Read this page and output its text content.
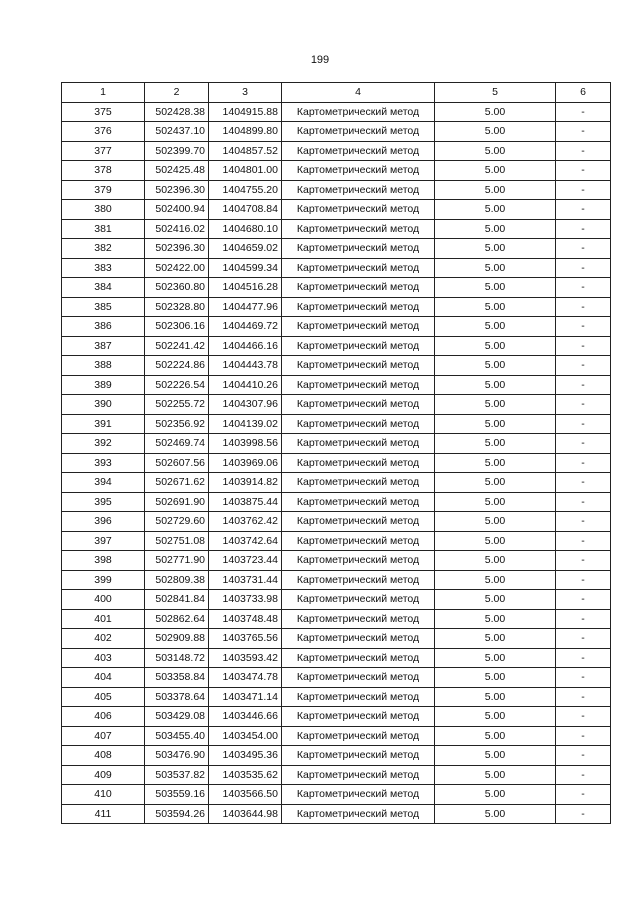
199
1	2	3	4	5	6
375	502428.38	1404915.88	Картометрический метод	5.00	-
376	502437.10	1404899.80	Картометрический метод	5.00	-
377	502399.70	1404857.52	Картометрический метод	5.00	-
378	502425.48	1404801.00	Картометрический метод	5.00	-
379	502396.30	1404755.20	Картометрический метод	5.00	-
380	502400.94	1404708.84	Картометрический метод	5.00	-
381	502416.02	1404680.10	Картометрический метод	5.00	-
382	502396.30	1404659.02	Картометрический метод	5.00	-
383	502422.00	1404599.34	Картометрический метод	5.00	-
384	502360.80	1404516.28	Картометрический метод	5.00	-
385	502328.80	1404477.96	Картометрический метод	5.00	-
386	502306.16	1404469.72	Картометрический метод	5.00	-
387	502241.42	1404466.16	Картометрический метод	5.00	-
388	502224.86	1404443.78	Картометрический метод	5.00	-
389	502226.54	1404410.26	Картометрический метод	5.00	-
390	502255.72	1404307.96	Картометрический метод	5.00	-
391	502356.92	1404139.02	Картометрический метод	5.00	-
392	502469.74	1403998.56	Картометрический метод	5.00	-
393	502607.56	1403969.06	Картометрический метод	5.00	-
394	502671.62	1403914.82	Картометрический метод	5.00	-
395	502691.90	1403875.44	Картометрический метод	5.00	-
396	502729.60	1403762.42	Картометрический метод	5.00	-
397	502751.08	1403742.64	Картометрический метод	5.00	-
398	502771.90	1403723.44	Картометрический метод	5.00	-
399	502809.38	1403731.44	Картометрический метод	5.00	-
400	502841.84	1403733.98	Картометрический метод	5.00	-
401	502862.64	1403748.48	Картометрический метод	5.00	-
402	502909.88	1403765.56	Картометрический метод	5.00	-
403	503148.72	1403593.42	Картометрический метод	5.00	-
404	503358.84	1403474.78	Картометрический метод	5.00	-
405	503378.64	1403471.14	Картометрический метод	5.00	-
406	503429.08	1403446.66	Картометрический метод	5.00	-
407	503455.40	1403454.00	Картометрический метод	5.00	-
408	503476.90	1403495.36	Картометрический метод	5.00	-
409	503537.82	1403535.62	Картометрический метод	5.00	-
410	503559.16	1403566.50	Картометрический метод	5.00	-
411	503594.26	1403644.98	Картометрический метод	5.00	-
